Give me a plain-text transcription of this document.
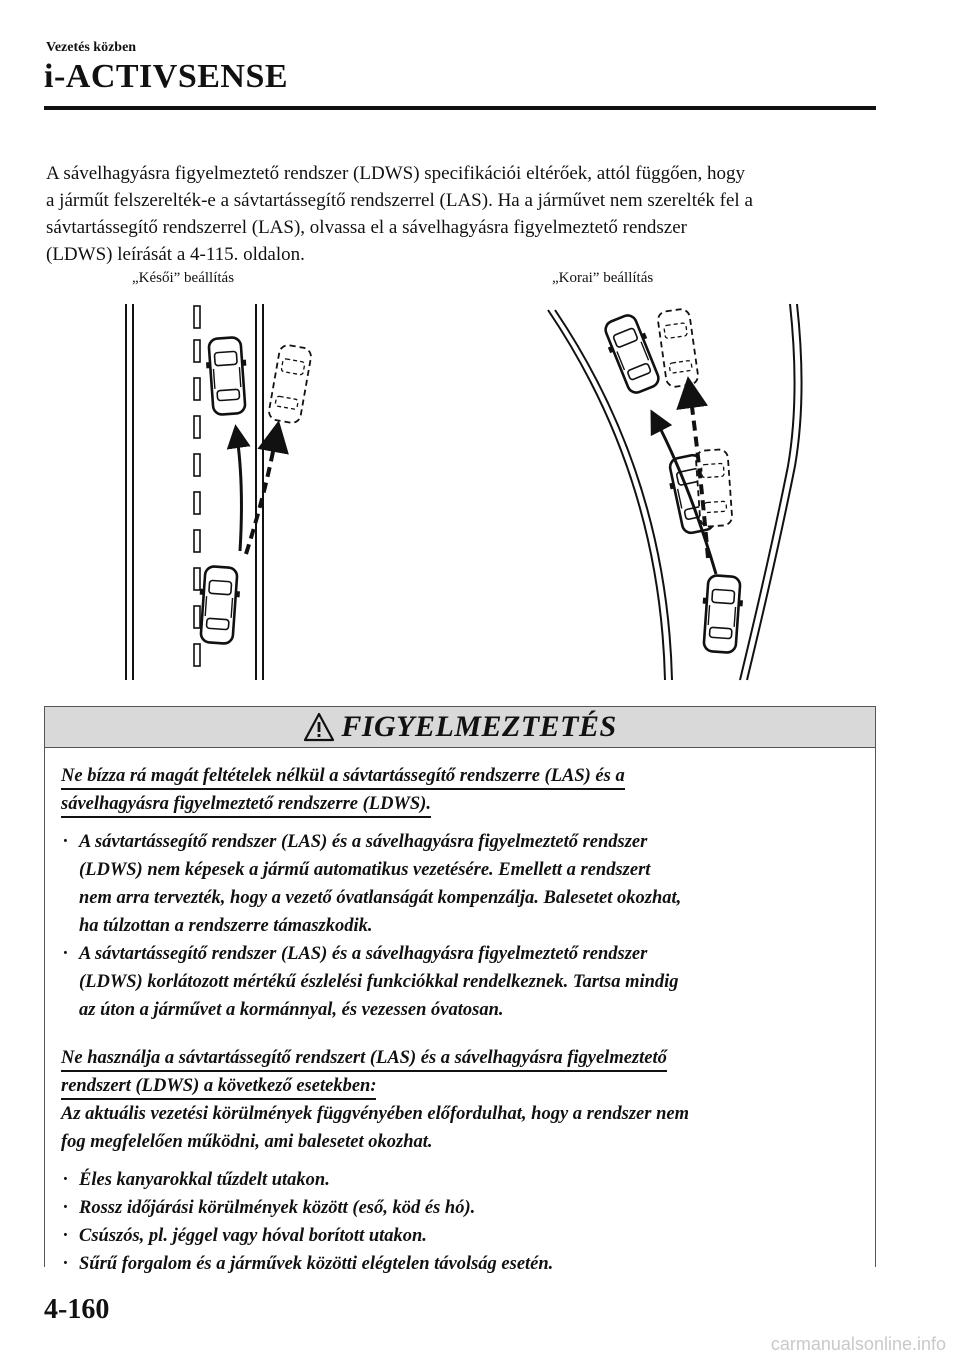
Vezetés közben
i-ACTIVSENSE
A sávelhagyásra figyelmeztető rendszer (LDWS) specifikációi eltérőek, attól függően, hogy
a járműt felszerelték-e a sávtartássegítő rendszerrel (LAS). Ha a járművet nem szerelték fel a
sávtartássegítő rendszerrel (LAS), olvassa el a sávelhagyásra figyelmeztető rendszer
(LDWS) leírását a 4-115. oldalon.
„Késői” beállítás	„Korai” beállítás
FIGYELMEZTETÉS
Ne bízza rá magát feltételek nélkül a sávtartássegítő rendszerre (LAS) és a
sávelhagyásra figyelmeztető rendszerre (LDWS).
· A sávtartássegítő rendszer (LAS) és a sávelhagyásra figyelmeztető rendszer
(LDWS) nem képesek a jármű automatikus vezetésére. Emellett a rendszert
nem arra tervezték, hogy a vezető óvatlanságát kompenzálja. Balesetet okozhat,
ha túlzottan a rendszerre támaszkodik.
· A sávtartássegítő rendszer (LAS) és a sávelhagyásra figyelmeztető rendszer
(LDWS) korlátozott mértékű észlelési funkciókkal rendelkeznek. Tartsa mindig
az úton a járművet a kormánnyal, és vezessen óvatosan.
Ne használja a sávtartássegítő rendszert (LAS) és a sávelhagyásra figyelmeztető
rendszert (LDWS) a következő esetekben:
Az aktuális vezetési körülmények függvényében előfordulhat, hogy a rendszer nem
fog megfelelően működni, ami balesetet okozhat.
· Éles kanyarokkal tűzdelt utakon.
· Rossz időjárási körülmények között (eső, köd és hó).
· Csúszós, pl. jéggel vagy hóval borított utakon.
· Sűrű forgalom és a járművek közötti elégtelen távolság esetén.
4-160
carmanualsonline.info
